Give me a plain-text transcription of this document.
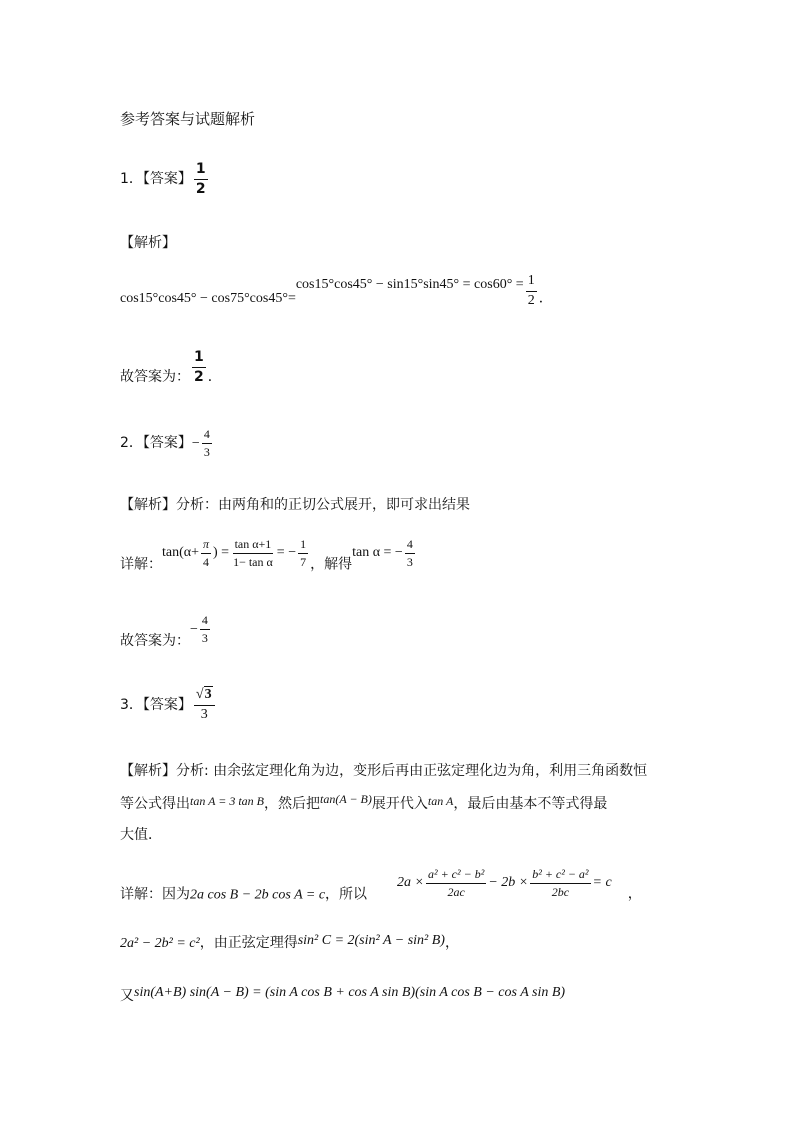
参考答案与试题解析
1．【答案】 $\frac{1}{2}$
【解析】
$\cos 15^\circ\cos 45^\circ - \cos 75^\circ\cos 45^\circ=\cos 15^\circ\cos 45^\circ - \sin 15^\circ\sin 45^\circ = \cos 60^\circ = \frac{1}{2}$ ．
故答案为： $\frac{1}{2}$ ．
2．【答案】− $\frac{4}{3}$
【解析】分析：由两角和的正切公式展开，即可求出结果
详解：$\tan(\alpha+ \frac{\pi}{4}$ ) = $\frac{\text{tan α+1}}{\text{1− tan α}}$ = − $\frac{1}{7}$ ，解得tan α = − $\frac{4}{3}$
故答案为：− $\frac{4}{3}$
3．【答案】 $\frac{√3}{3}$
【解析】分析: 由余弦定理化角为边，变形后再由正弦定理化边为角，利用三角函数恒
等公式得出tan A = 3 tan B，然后把tan(A − B)展开代入tan A，最后由基本不等式得最
大值．
详解：因为2a cos B − 2b cos A = c，所以$2a \times \frac{\text{a² + c² − b²}}{2ac} - 2b \times \frac{\text{b² + c² − a²}}{2bc} = c$，
2a² − 2b² = c²，由正弦定理得sin² C = 2(sin² A − sin² B)，
又sin(A+B) sin(A − B) = (sin A cos B + cos A sin B)(sin A cos B − cos A sin B)
